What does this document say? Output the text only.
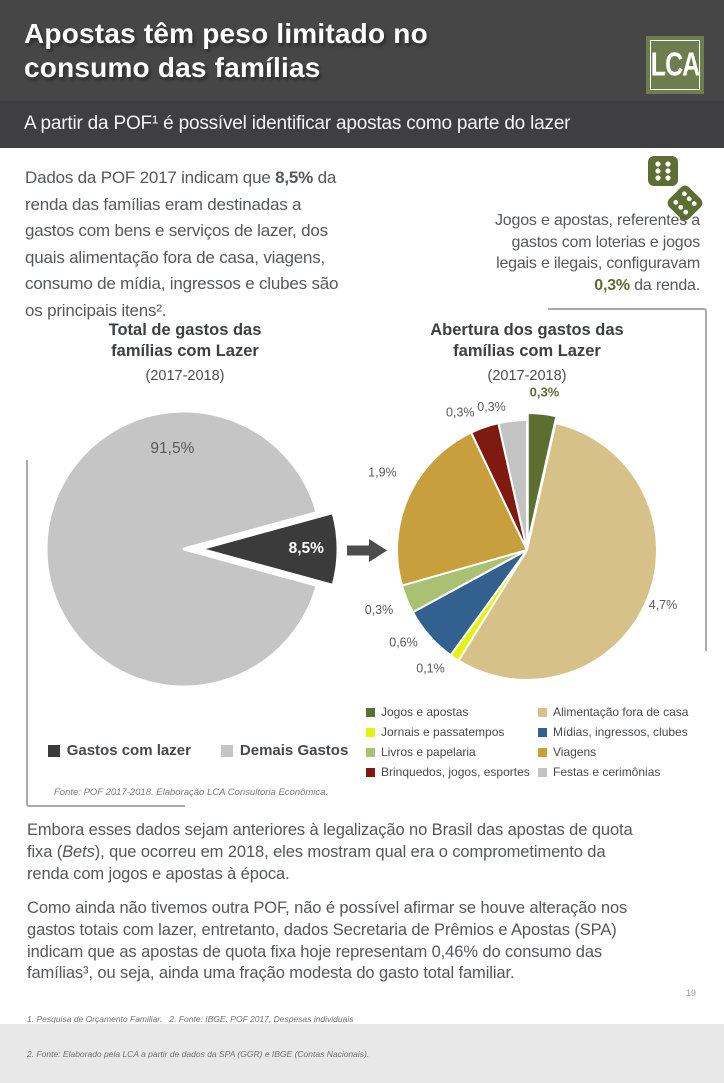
Apostas têm peso limitado no
consumo das famílias	LCA
A partir da POF¹ é possível identificar apostas como parte do lazer
Dados da POF 2017 indicam que 8,5% da
renda das famílias eram destinadas a
gastos com bens e serviços de lazer, dos
quais alimentação fora de casa, viagens,
consumo de mídia, ingressos e clubes são
os principais itens².
Jogos e apostas, referentes a
gastos com loterias e jogos
legais e ilegais, configuravam
0,3% da renda.
Total de gastos das
famílias com Lazer
(2017-2018)
Abertura dos gastos das
famílias com Lazer
(2017-2018)
8,5%
91,5%
0,3%
4,7%
0,1%
0,6%
0,3%
1,9%
0,3% 0,3%
Gastos com lazer	Demais Gastos
Jogos e apostas
Jornais e passatempos
Livros e papelaria
Brinquedos, jogos, esportes
Alimentação fora de casa
Mídias, ingressos, clubes
Viagens
Festas e cerimônias
Fonte: POF 2017-2018. Elaboração LCA Consultoria Econômica.
Embora esses dados sejam anteriores à legalização no Brasil das apostas de quota
fixa (Bets), que ocorreu em 2018, eles mostram qual era o comprometimento da
renda com jogos e apostas à época.
Como ainda não tivemos outra POF, não é possível afirmar se houve alteração nos
gastos totais com lazer, entretanto, dados Secretaria de Prêmios e Apostas (SPA)
indicam que as apostas de quota fixa hoje representam 0,46% do consumo das
famílias³, ou seja, ainda uma fração modesta do gasto total familiar.

1. Pesquisa de Orçamento Familiar.   2. Fonte: IBGE. POF 2017, Despesas individuais

2. Fonte: Elaborado pela LCA a partir de dados da SPA (GGR) e IBGE (Contas Nacionais).

19
